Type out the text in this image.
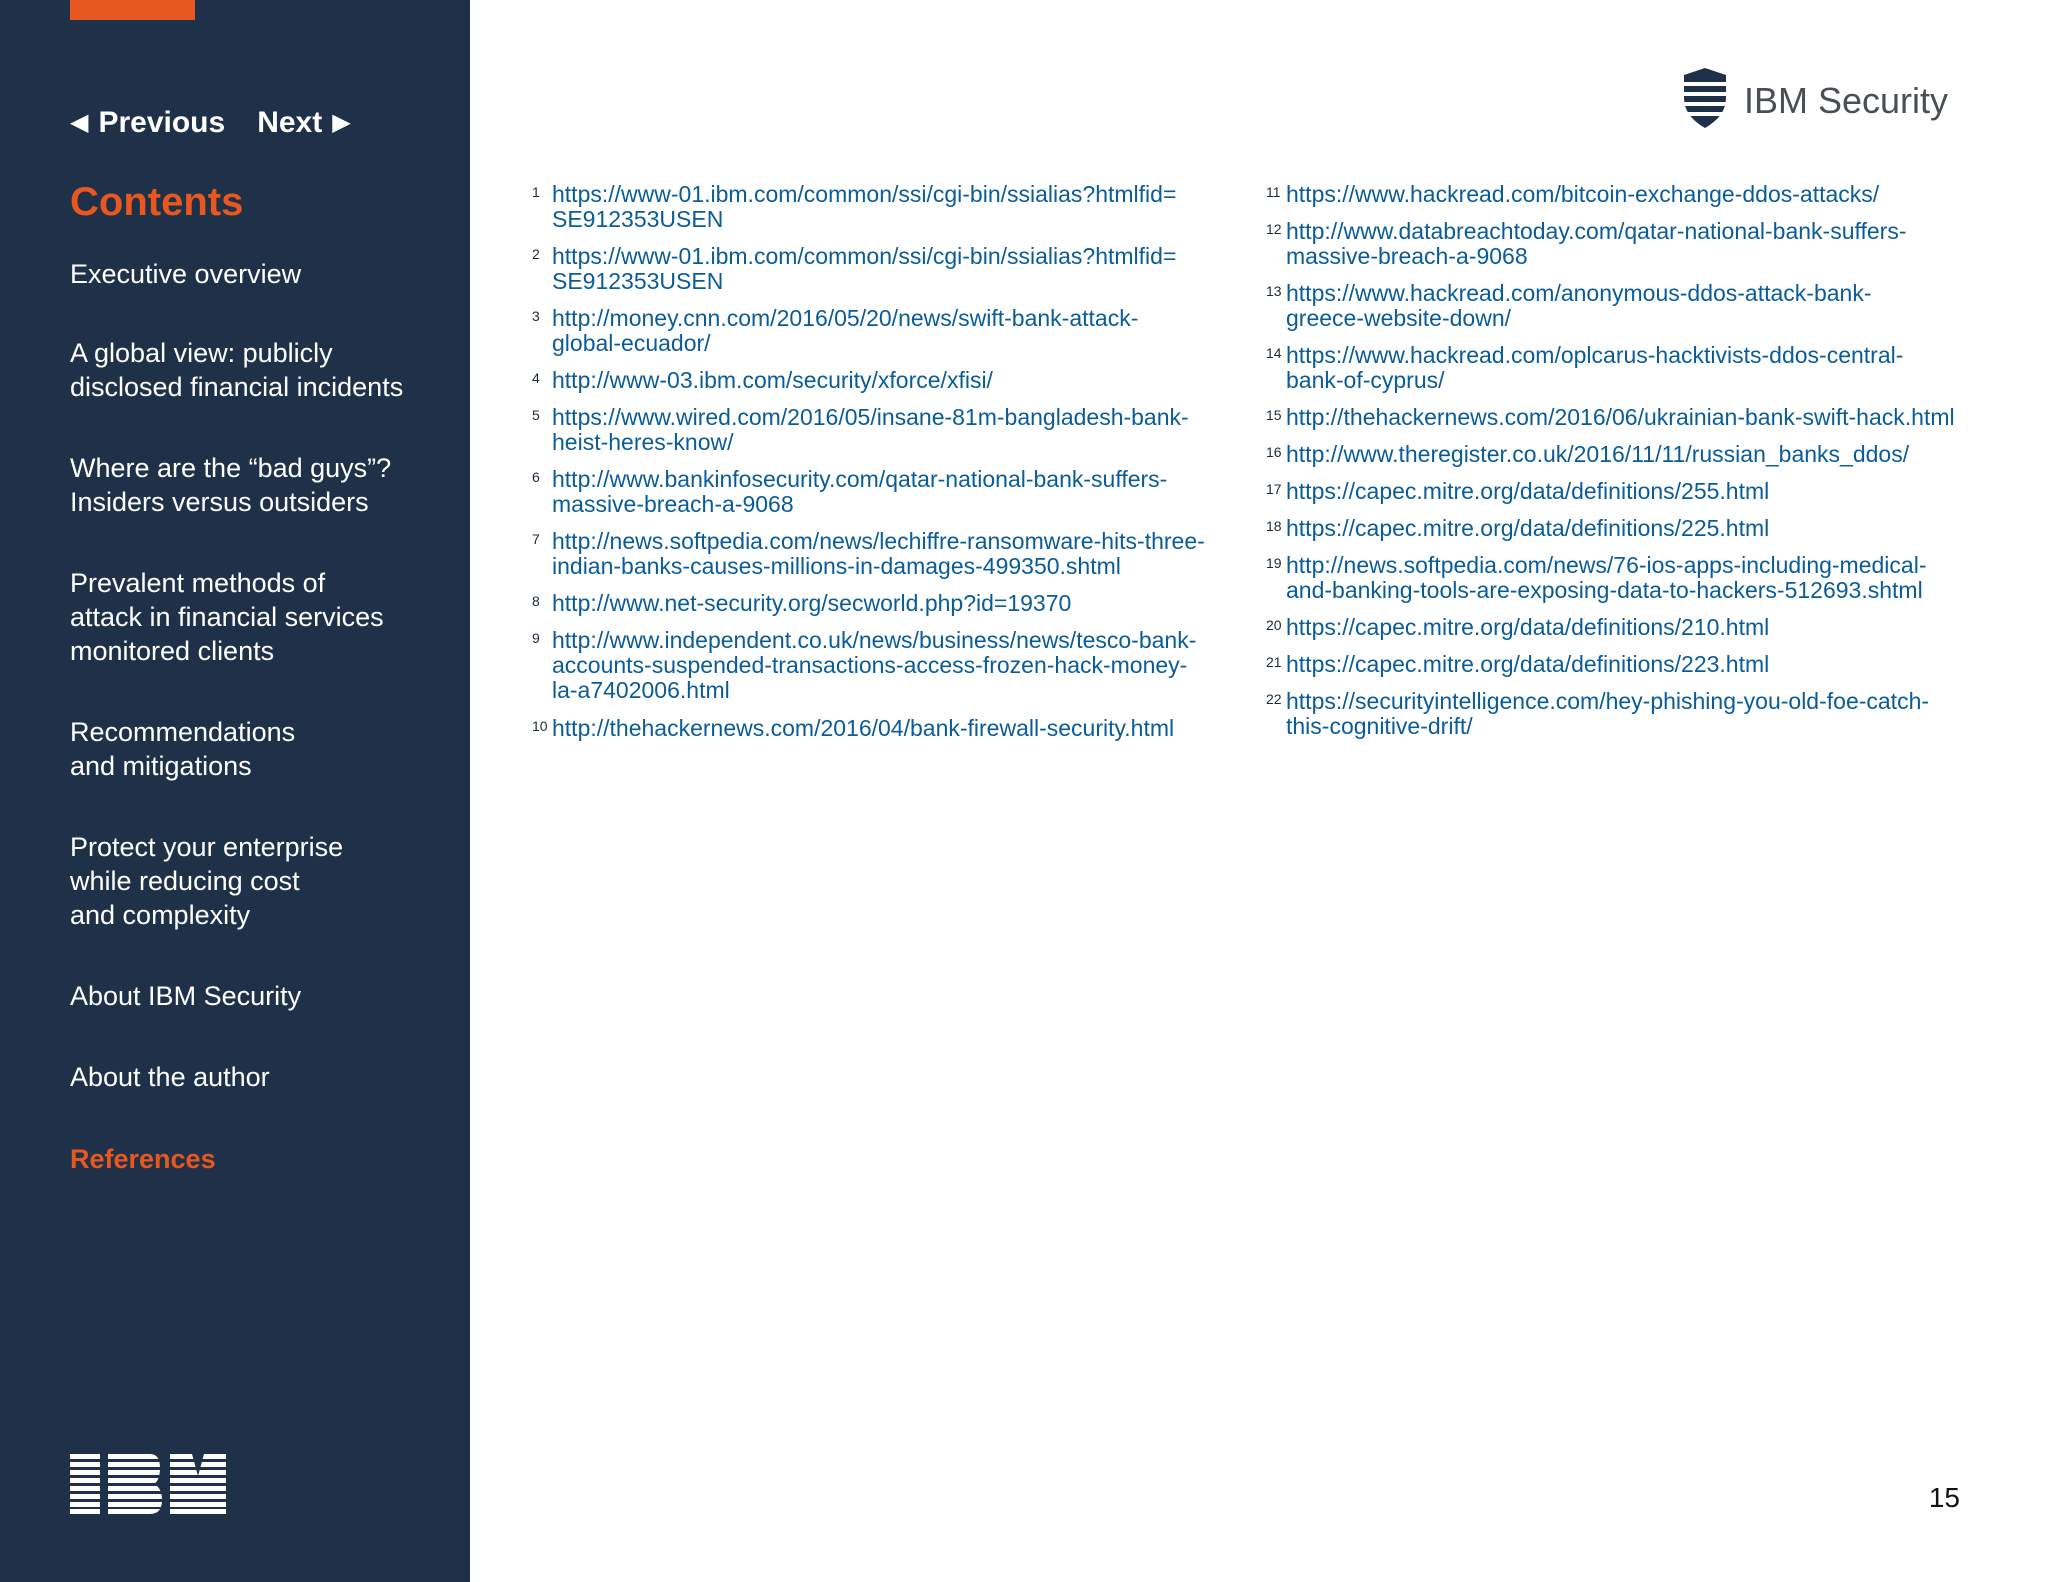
◀ Previous Next ▶
Contents
Executive overview
A global view: publicly
disclosed financial incidents
Where are the “bad guys”?
Insiders versus outsiders
Prevalent methods of
attack in financial services
monitored clients
Recommendations
and mitigations
Protect your enterprise
while reducing cost
and complexity
About IBM Security
About the author
References
IBM Security
1 https://www-01.ibm.com/common/ssi/cgi-bin/ssialias?htmlfid=
SE912353USEN
2 https://www-01.ibm.com/common/ssi/cgi-bin/ssialias?htmlfid=
SE912353USEN
3 http://money.cnn.com/2016/05/20/news/swift-bank-attack-
global-ecuador/
4 http://www-03.ibm.com/security/xforce/xfisi/
5 https://www.wired.com/2016/05/insane-81m-bangladesh-bank-
heist-heres-know/
6 http://www.bankinfosecurity.com/qatar-national-bank-suffers-
massive-breach-a-9068
7 http://news.softpedia.com/news/lechiffre-ransomware-hits-three-
indian-banks-causes-millions-in-damages-499350.shtml
8 http://www.net-security.org/secworld.php?id=19370
9 http://www.independent.co.uk/news/business/news/tesco-bank-
accounts-suspended-transactions-access-frozen-hack-money-
la-a7402006.html
10 http://thehackernews.com/2016/04/bank-firewall-security.html
11 https://www.hackread.com/bitcoin-exchange-ddos-attacks/
12 http://www.databreachtoday.com/qatar-national-bank-suffers-
massive-breach-a-9068
13 https://www.hackread.com/anonymous-ddos-attack-bank-
greece-website-down/
14 https://www.hackread.com/oplcarus-hacktivists-ddos-central-
bank-of-cyprus/
15 http://thehackernews.com/2016/06/ukrainian-bank-swift-hack.html
16 http://www.theregister.co.uk/2016/11/11/russian_banks_ddos/
17 https://capec.mitre.org/data/definitions/255.html
18 https://capec.mitre.org/data/definitions/225.html
19 http://news.softpedia.com/news/76-ios-apps-including-medical-
and-banking-tools-are-exposing-data-to-hackers-512693.shtml
20 https://capec.mitre.org/data/definitions/210.html
21 https://capec.mitre.org/data/definitions/223.html
22 https://securityintelligence.com/hey-phishing-you-old-foe-catch-
this-cognitive-drift/
15
